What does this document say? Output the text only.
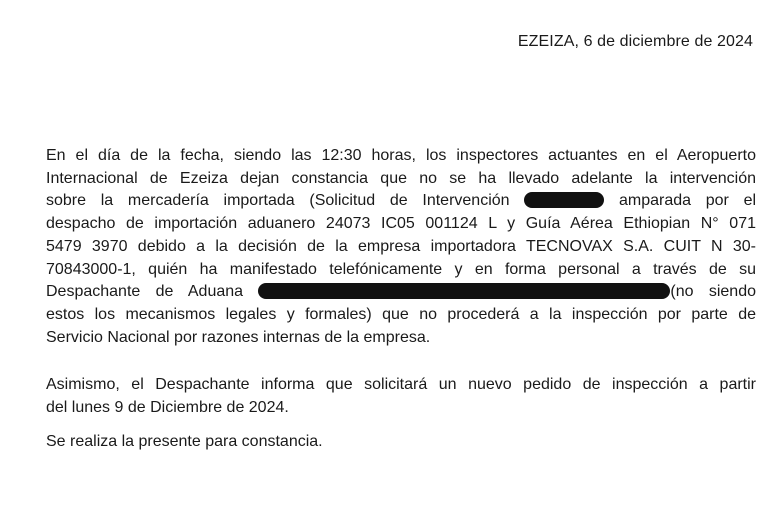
EZEIZA, 6 de diciembre de 2024
En el día de la fecha, siendo las 12:30 horas, los inspectores actuantes en el Aeropuerto
Internacional de Ezeiza dejan constancia que no se ha llevado adelante la intervención
sobre la mercadería importada (Solicitud de Intervención	amparada por el
despacho de importación aduanero 24073 IC05 001124 L y Guía Aérea Ethiopian N° 071
5479 3970 debido a la decisión de la empresa importadora TECNOVAX S.A. CUIT N 30-
70843000-1, quién ha manifestado telefónicamente y en forma personal a través de su
Despachante de Aduana	(no siendo
estos los mecanismos legales y formales) que no procederá a la inspección por parte de
Servicio Nacional por razones internas de la empresa.
Asimismo, el Despachante informa que solicitará un nuevo pedido de inspección a partir
del lunes 9 de Diciembre de 2024.
Se realiza la presente para constancia.
